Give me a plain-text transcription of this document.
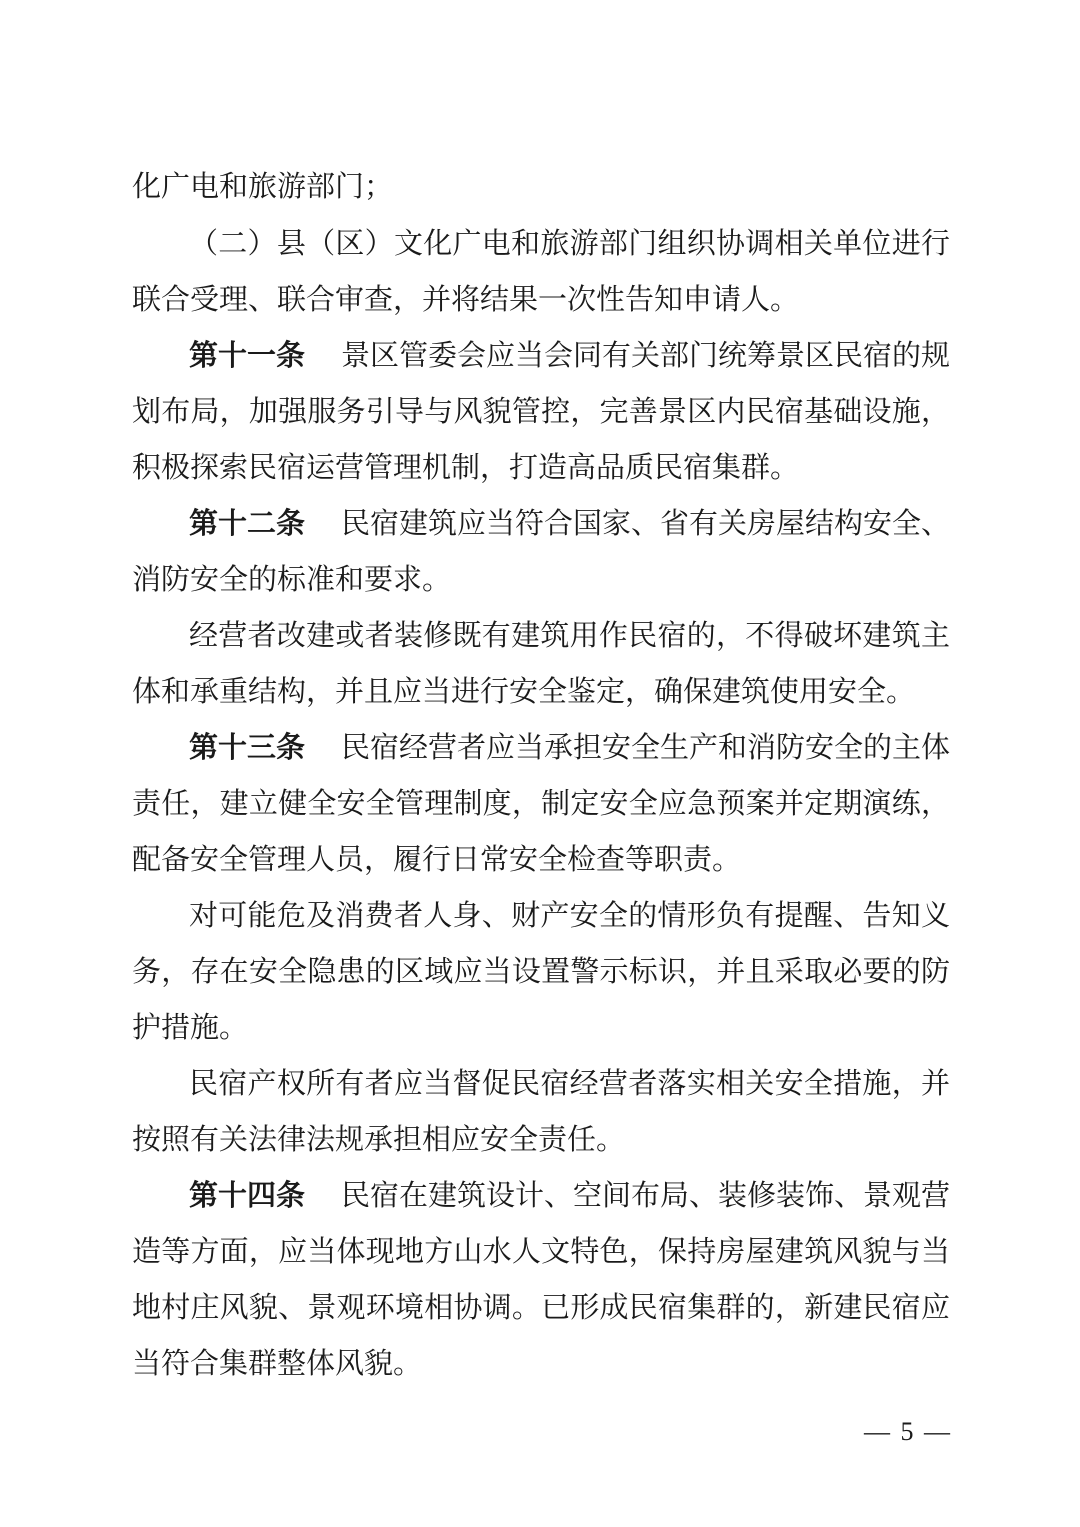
化广电和旅游部门；
（二）县（区）文化广电和旅游部门组织协调相关单位进行
联合受理、联合审查，并将结果一次性告知申请人。
第十一条 景区管委会应当会同有关部门统筹景区民宿的规
划布局，加强服务引导与风貌管控，完善景区内民宿基础设施，
积极探索民宿运营管理机制，打造高品质民宿集群。
第十二条 民宿建筑应当符合国家、省有关房屋结构安全、
消防安全的标准和要求。
经营者改建或者装修既有建筑用作民宿的，不得破坏建筑主
体和承重结构，并且应当进行安全鉴定，确保建筑使用安全。
第十三条 民宿经营者应当承担安全生产和消防安全的主体
责任，建立健全安全管理制度，制定安全应急预案并定期演练，
配备安全管理人员，履行日常安全检查等职责。
对可能危及消费者人身、财产安全的情形负有提醒、告知义
务，存在安全隐患的区域应当设置警示标识，并且采取必要的防
护措施。
民宿产权所有者应当督促民宿经营者落实相关安全措施，并
按照有关法律法规承担相应安全责任。
第十四条 民宿在建筑设计、空间布局、装修装饰、景观营
造等方面，应当体现地方山水人文特色，保持房屋建筑风貌与当
地村庄风貌、景观环境相协调。已形成民宿集群的，新建民宿应
当符合集群整体风貌。
— 5 —
